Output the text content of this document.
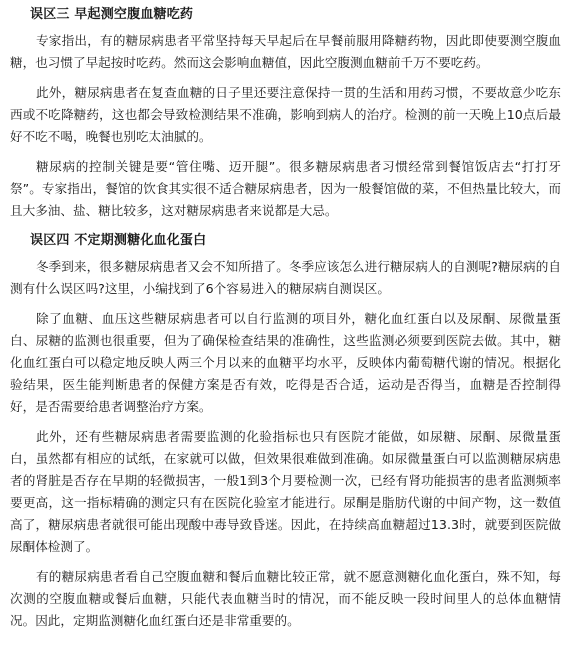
误区三 早起测空腹血糖吃药

专家指出，有的糖尿病患者平常坚持每天早起后在早餐前服用降糖药物，因此即使要测空腹血糖，也习惯了早起按时吃药。然而这会影响血糖值，因此空腹测血糖前千万不要吃药。

此外，糖尿病患者在复查血糖的日子里还要注意保持一贯的生活和用药习惯，不要故意少吃东西或不吃降糖药，这也都会导致检测结果不准确，影响到病人的治疗。检测的前一天晚上10点后最好不吃不喝，晚餐也别吃太油腻的。

糖尿病的控制关键是要“管住嘴、迈开腿”。很多糖尿病患者习惯经常到餐馆饭店去“打打牙祭”。专家指出，餐馆的饮食其实很不适合糖尿病患者，因为一般餐馆做的菜，不但热量比较大，而且大多油、盐、糖比较多，这对糖尿病患者来说都是大忌。

误区四 不定期测糖化血化蛋白

冬季到来，很多糖尿病患者又会不知所措了。冬季应该怎么进行糖尿病人的自测呢?糖尿病的自测有什么误区吗?这里，小编找到了6个容易进入的糖尿病自测误区。

除了血糖、血压这些糖尿病患者可以自行监测的项目外，糖化血红蛋白以及尿酮、尿微量蛋白、尿糖的监测也很重要，但为了确保检查结果的准确性，这些监测必须要到医院去做。其中，糖化血红蛋白可以稳定地反映人两三个月以来的血糖平均水平，反映体内葡萄糖代谢的情况。根据化验结果，医生能判断患者的保健方案是否有效，吃得是否合适，运动是否得当，血糖是否控制得好，是否需要给患者调整治疗方案。

此外，还有些糖尿病患者需要监测的化验指标也只有医院才能做，如尿糖、尿酮、尿微量蛋白，虽然都有相应的试纸，在家就可以做，但效果很难做到准确。如尿微量蛋白可以监测糖尿病患者的肾脏是否存在早期的轻微损害，一般1到3个月要检测一次，已经有肾功能损害的患者监测频率要更高，这一指标精确的测定只有在医院化验室才能进行。尿酮是脂肪代谢的中间产物，这一数值高了，糖尿病患者就很可能出现酸中毒导致昏迷。因此，在持续高血糖超过13.3时，就要到医院做尿酮体检测了。

有的糖尿病患者看自己空腹血糖和餐后血糖比较正常，就不愿意测糖化血化蛋白，殊不知，每次测的空腹血糖或餐后血糖，只能代表血糖当时的情况，而不能反映一段时间里人的总体血糖情况。因此，定期监测糖化血红蛋白还是非常重要的。
